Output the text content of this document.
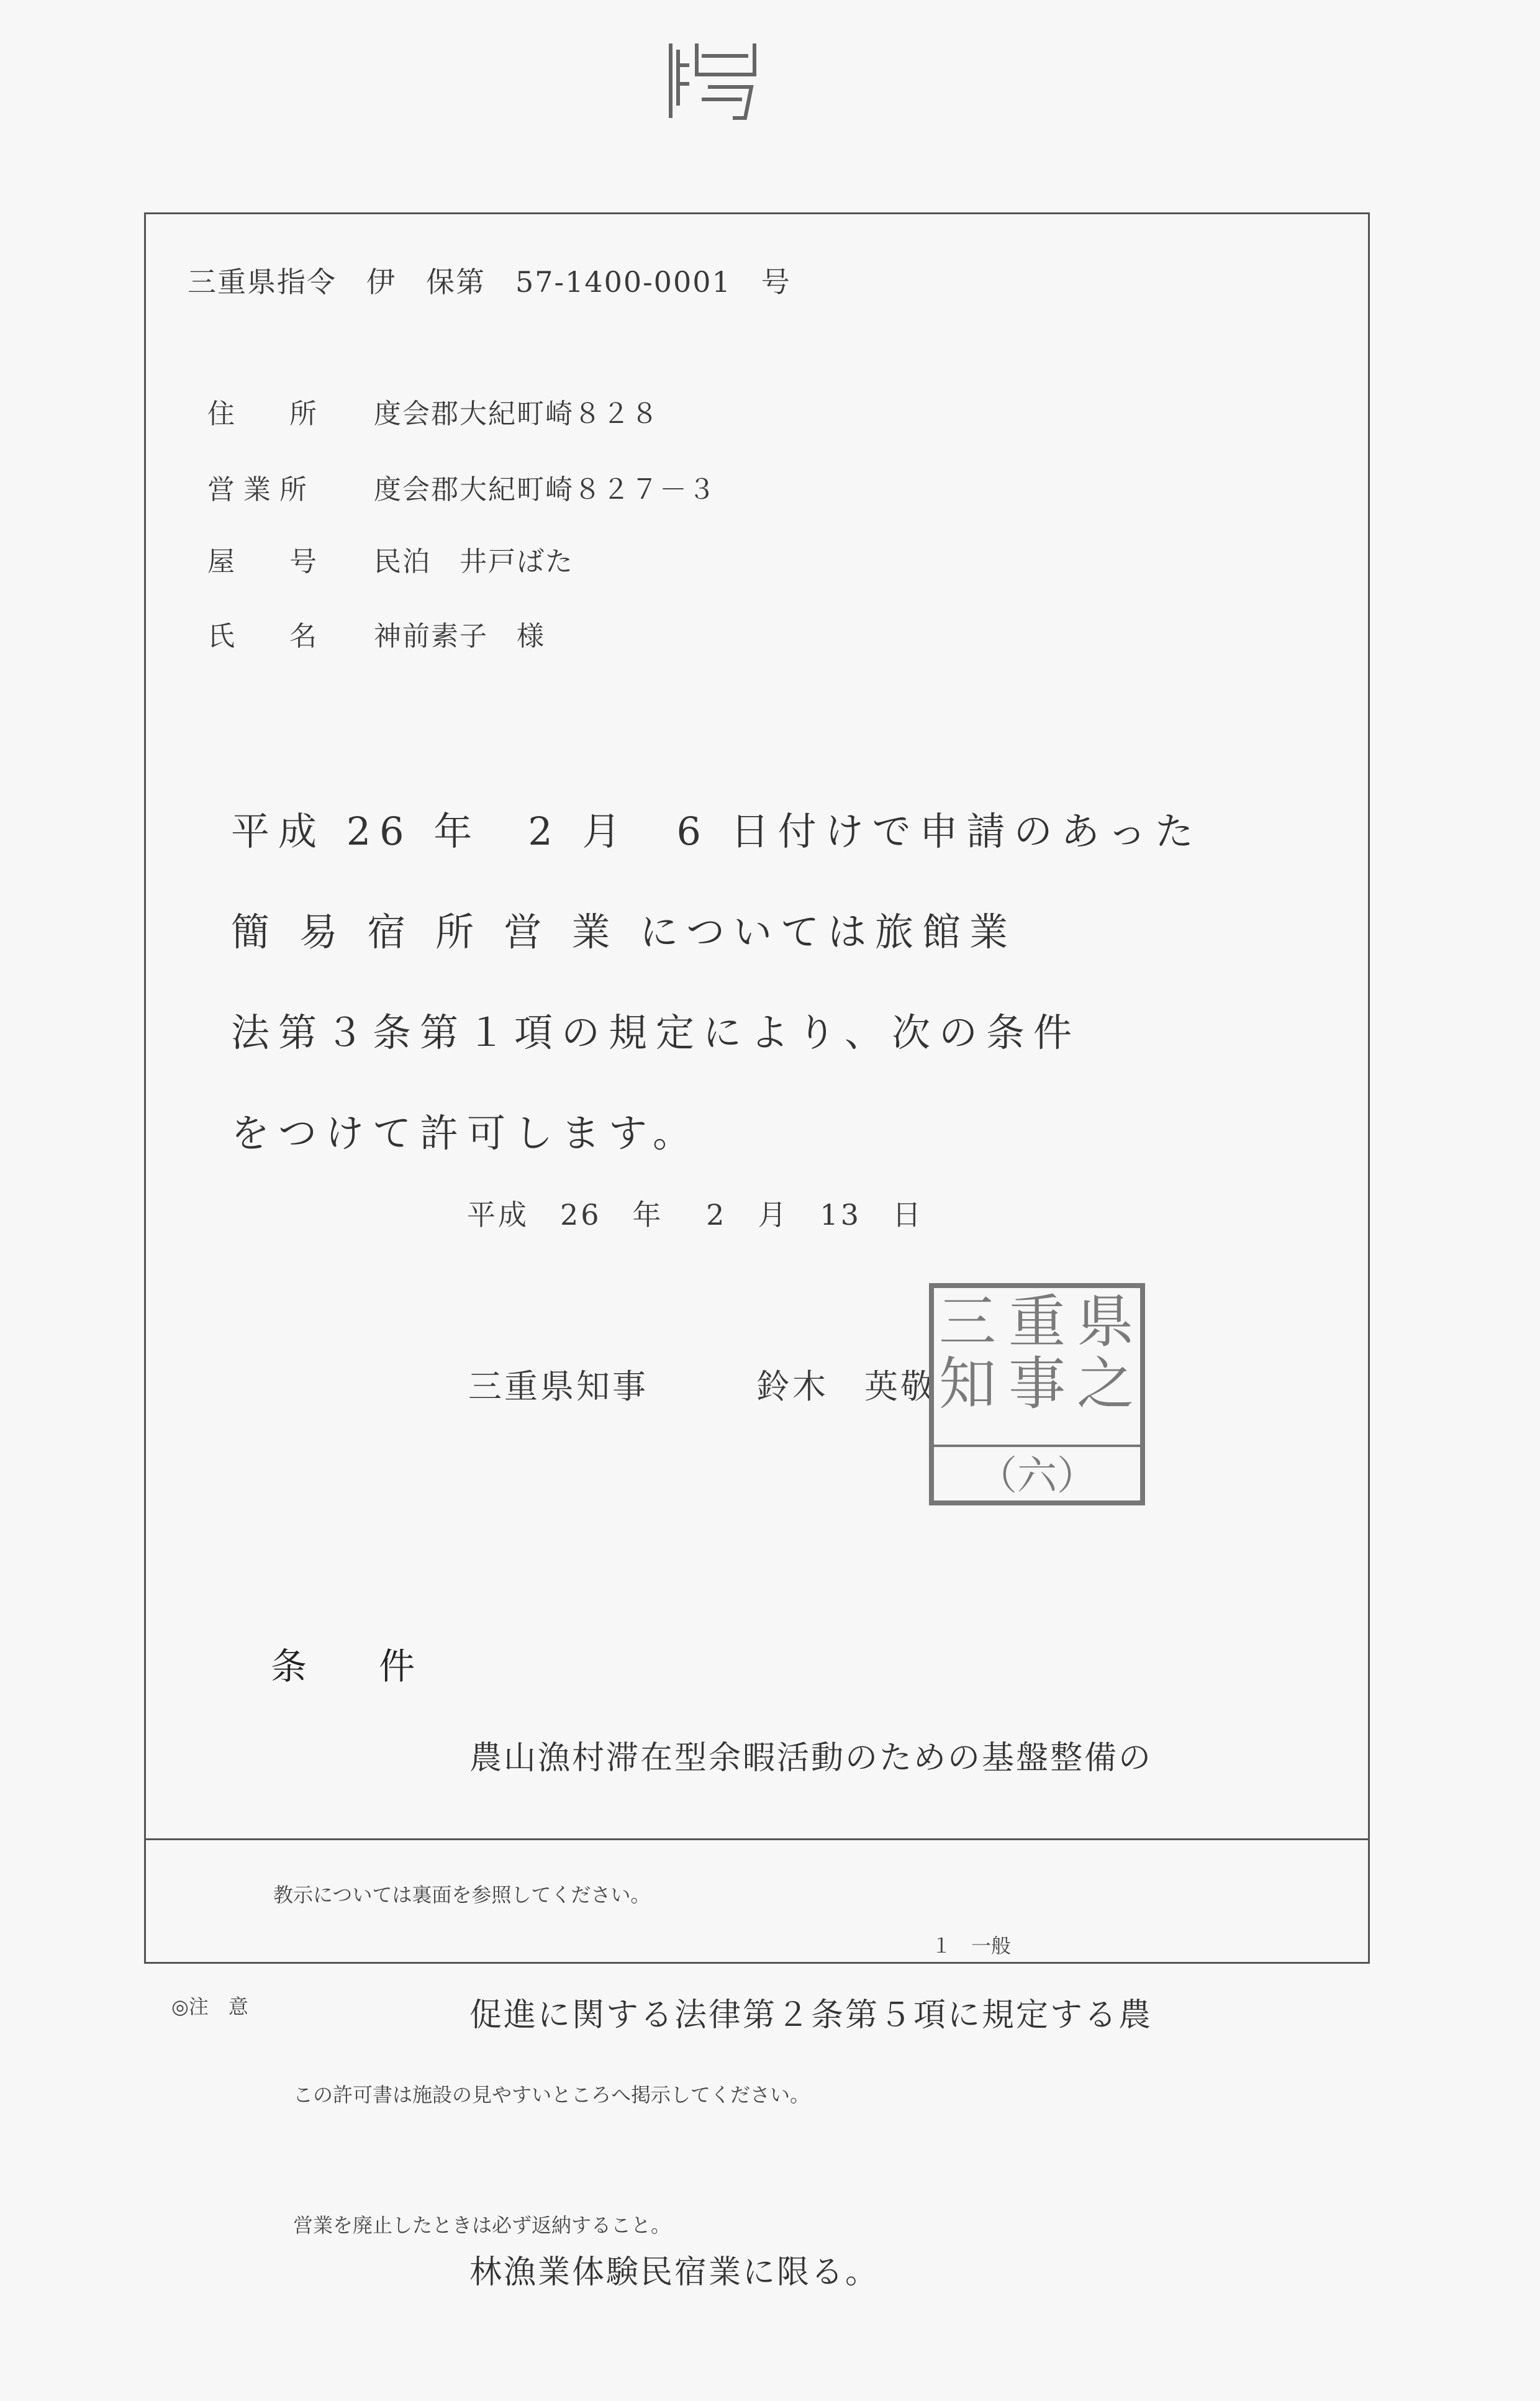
三重県指令　伊　保第　57-1400-0001　号
住　　所	度会郡大紀町崎８２８
営 業 所	度会郡大紀町崎８２７－３
屋　　号	民泊　井戸ばた
氏　　名	神前素子　様

平成 26 年　2 月　6 日付けで申請のあった

簡 易 宿 所 営 業 については旅館業

法第３条第１項の規定により、次の条件

をつけて許可します。

平成　26　年　 2　月　13　日
三重県知事　　　	鈴木　英敬
県
之
重
事
三
知
（六）
条　　件

農山漁村滞在型余暇活動のための基盤整備の

促進に関する法律第２条第５項に規定する農

林漁業体験民宿業に限る。

教示については裏面を参照してください。
１　一般
◎注　意

この許可書は施設の見やすいところへ掲示してください。

営業を廃止したときは必ず返納すること。
